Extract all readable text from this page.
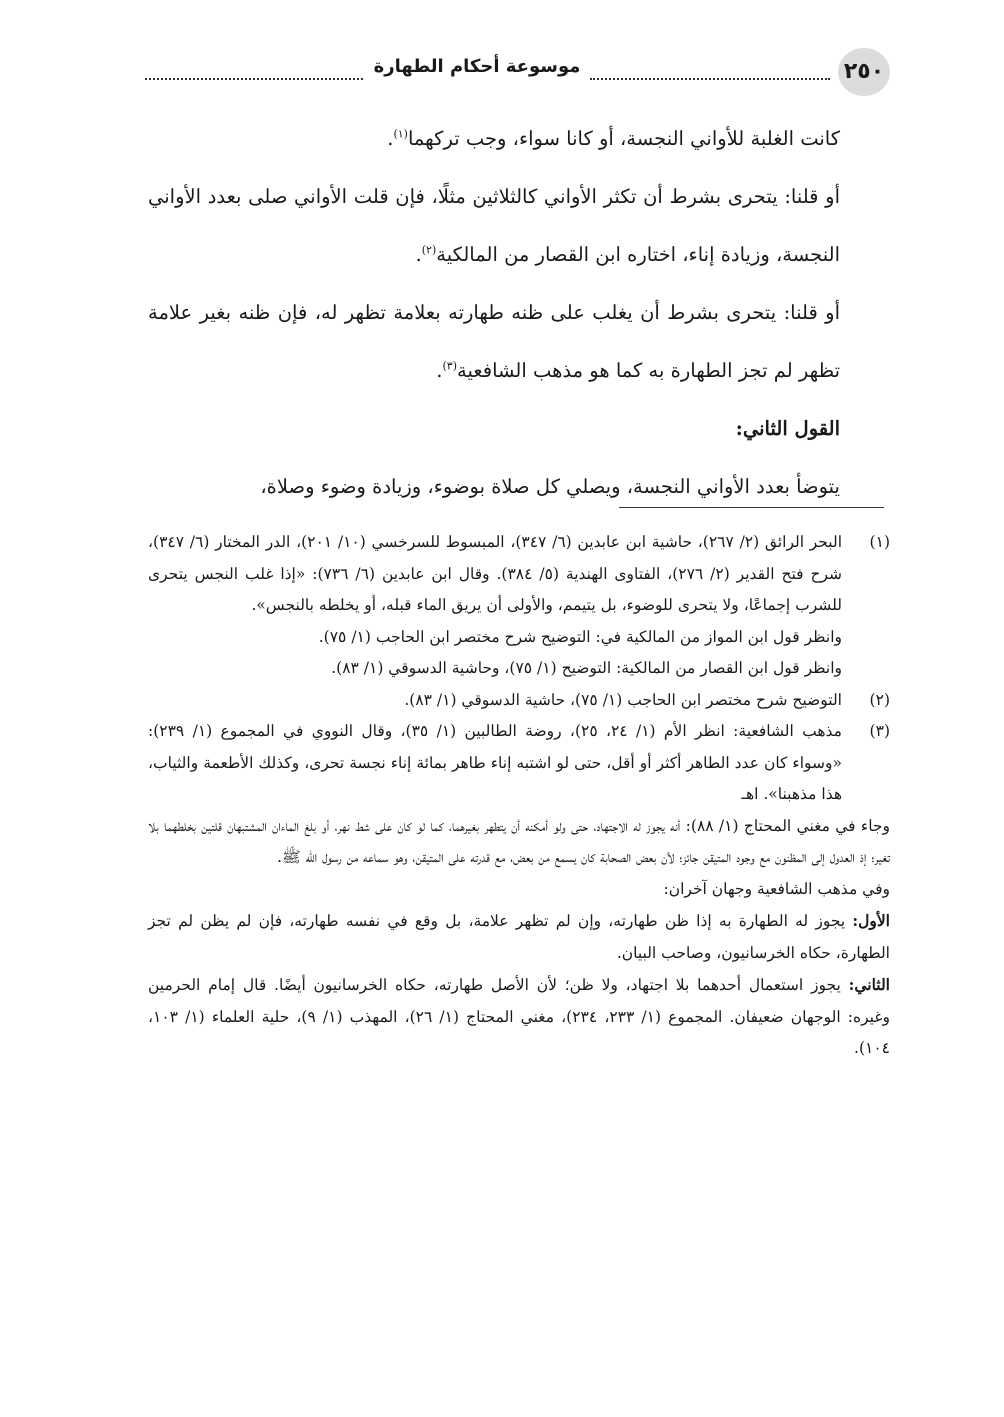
٢٥٠
موسوعة أحكام الطهارة

كانت الغلبة للأواني النجسة، أو كانا سواء، وجب تركهما$^{(١)}$.

أو قلنا: يتحرى بشرط أن تكثر الأواني كالثلاثين مثلًا، فإن قلت الأواني صلى بعدد الأواني النجسة، وزيادة إناء، اختاره ابن القصار من المالكية$^{(٢)}$.

أو قلنا: يتحرى بشرط أن يغلب على ظنه طهارته بعلامة تظهر له، فإن ظنه بغير علامة تظهر لم تجز الطهارة به كما هو مذهب الشافعية$^{(٣)}$.

القول الثاني:

يتوضأ بعدد الأواني النجسة، ويصلي كل صلاة بوضوء، وزيادة وضوء وصلاة،

(١)

البحر الرائق (٢/ ٢٦٧)، حاشية ابن عابدين (٦/ ٣٤٧)، المبسوط للسرخسي (١٠/ ٢٠١)، الدر المختار (٦/ ٣٤٧)، شرح فتح القدير (٢/ ٢٧٦)، الفتاوى الهندية (٥/ ٣٨٤). وقال ابن عابدين (٦/ ٧٣٦): «إذا غلب النجس يتحرى للشرب إجماعًا، ولا يتحرى للوضوء، بل يتيمم، والأولى أن يريق الماء قبله، أو يخلطه بالنجس».

وانظر قول ابن المواز من المالكية في: التوضيح شرح مختصر ابن الحاجب (١/ ٧٥).

وانظر قول ابن القصار من المالكية: التوضيح (١/ ٧٥)، وحاشية الدسوقي (١/ ٨٣).

(٢)

التوضيح شرح مختصر ابن الحاجب (١/ ٧٥)، حاشية الدسوقي (١/ ٨٣).

(٣)

مذهب الشافعية: انظر الأم (١/ ٢٤، ٢٥)، روضة الطالبين (١/ ٣٥)، وقال النووي في المجموع (١/ ٢٣٩): «وسواء كان عدد الطاهر أكثر أو أقل، حتى لو اشتبه إناء طاهر بمائة إناء نجسة تحرى، وكذلك الأطعمة والثياب، هذا مذهبنا». اهـ

وجاء في مغني المحتاج (١/ ٨٨): أنه يجوز له الاجتهاد، حتى ولو أمكنه أن يتطهر بغيرهما، كما لو كان على شط نهر، أو بلغ الماءان المشتبهان قلتين بخلطهما بلا تغير؛ إذ العدول إلى المظنون مع وجود المتيقن جائز؛ لأن بعض الصحابة كان يسمع من بعض، مع قدرته على المتيقن، وهو سماعه من رسول الله ﷺ.

وفي مذهب الشافعية وجهان آخران:

الأول: يجوز له الطهارة به إذا ظن طهارته، وإن لم تظهر علامة، بل وقع في نفسه طهارته، فإن لم يظن لم تجز الطهارة، حكاه الخرسانيون، وصاحب البيان.

الثاني: يجوز استعمال أحدهما بلا اجتهاد، ولا ظن؛ لأن الأصل طهارته، حكاه الخرسانيون أيضًا. قال إمام الحرمين وغيره: الوجهان ضعيفان. المجموع (١/ ٢٣٣، ٢٣٤)، مغني المحتاج (١/ ٢٦)، المهذب (١/ ٩)، حلية العلماء (١/ ١٠٣، ١٠٤).
